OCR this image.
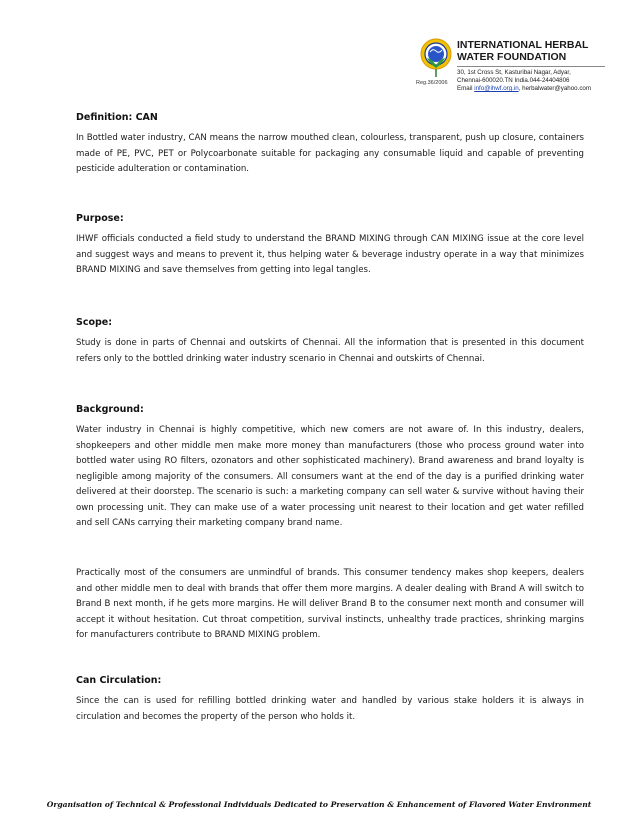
Reg.36/2006
INTERNATIONAL HERBAL
WATER FOUNDATION
30, 1st Cross St, Kasturibai Nagar, Adyar,
Chennai-600020.TN India.044-24404806
Email info@ihwf.org.in, herbalwater@yahoo.com

Definition: CAN

In Bottled water industry, CAN means the narrow mouthed clean, colourless, transparent, push up closure, containers made of PE, PVC, PET or Polycoarbonate suitable for packaging any consumable liquid and capable of preventing pesticide adulteration or contamination.

Purpose:

IHWF officials conducted a field study to understand the BRAND MIXING through CAN MIXING issue at the core level and suggest ways and means to prevent it, thus helping water & beverage industry operate in a way that minimizes BRAND MIXING and save themselves from getting into legal tangles.

Scope:

Study is done in parts of Chennai and outskirts of Chennai. All the information that is presented in this document refers only to the bottled drinking water industry scenario in Chennai and outskirts of Chennai.

Background:

Water industry in Chennai is highly competitive, which new comers are not aware of. In this industry, dealers, shopkeepers and other middle men make more money than manufacturers (those who process ground water into bottled water using RO filters, ozonators and other sophisticated machinery). Brand awareness and brand loyalty is negligible among majority of the consumers. All consumers want at the end of the day is a purified drinking water delivered at their doorstep. The scenario is such: a marketing company can sell water & survive without having their own processing unit. They can make use of a water processing unit nearest to their location and get water refilled and sell CANs carrying their marketing company brand name.

Practically most of the consumers are unmindful of brands. This consumer tendency makes shop keepers, dealers and other middle men to deal with brands that offer them more margins. A dealer dealing with Brand A will switch to Brand B next month, if he gets more margins. He will deliver Brand B to the consumer next month and consumer will accept it without hesitation. Cut throat competition, survival instincts, unhealthy trade practices, shrinking margins for manufacturers contribute to BRAND MIXING problem.

Can Circulation:

Since the can is used for refilling bottled drinking water and handled by various stake holders it is always in circulation and becomes the property of the person who holds it.

Organisation of Technical & Professional Individuals Dedicated to Preservation & Enhancement of Flavored Water Environment
